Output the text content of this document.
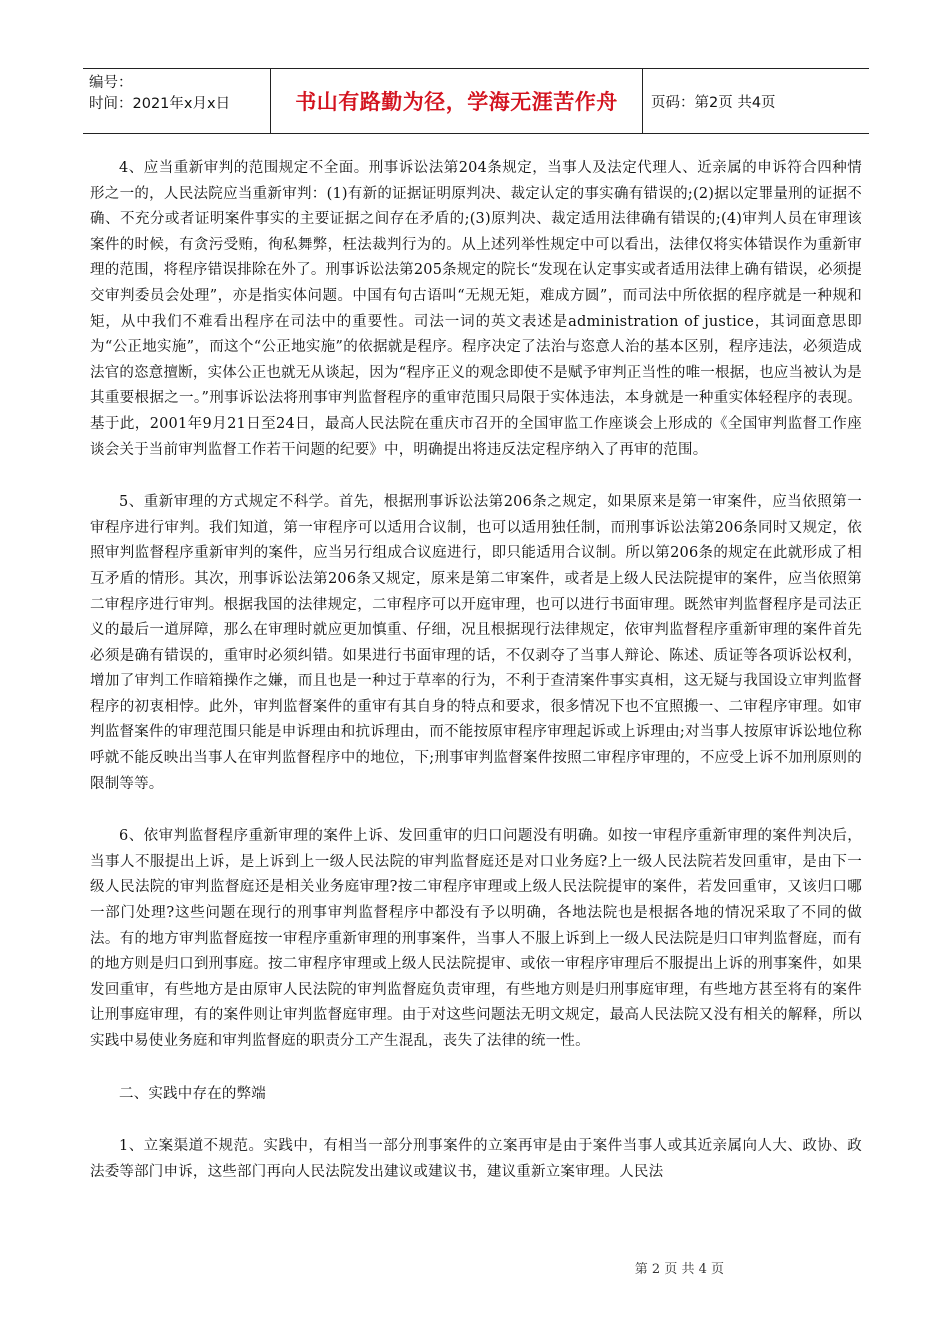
编号：
时间：2021年x月x日	书山有路勤为径，学海无涯苦作舟	页码：第2页 共4页

4、应当重新审判的范围规定不全面。刑事诉讼法第204条规定，当事人及法定代理人、近亲属的申诉符合四种情形之一的，人民法院应当重新审判：(1)有新的证据证明原判决、裁定认定的事实确有错误的;(2)据以定罪量刑的证据不确、不充分或者证明案件事实的主要证据之间存在矛盾的;(3)原判决、裁定适用法律确有错误的;(4)审判人员在审理该案件的时候，有贪污受贿，徇私舞弊，枉法裁判行为的。从上述列举性规定中可以看出，法律仅将实体错误作为重新审理的范围，将程序错误排除在外了。刑事诉讼法第205条规定的院长“发现在认定事实或者适用法律上确有错误，必须提交审判委员会处理”，亦是指实体问题。中国有句古语叫“无规无矩，难成方圆”，而司法中所依据的程序就是一种规和矩，从中我们不难看出程序在司法中的重要性。司法一词的英文表述是administration of justice，其词面意思即为“公正地实施”，而这个“公正地实施”的依据就是程序。程序决定了法治与恣意人治的基本区别，程序违法，必须造成法官的恣意擅断，实体公正也就无从谈起，因为“程序正义的观念即使不是赋予审判正当性的唯一根据，也应当被认为是其重要根据之一。”刑事诉讼法将刑事审判监督程序的重审范围只局限于实体违法，本身就是一种重实体轻程序的表现。基于此，2001年9月21日至24日，最高人民法院在重庆市召开的全国审监工作座谈会上形成的《全国审判监督工作座谈会关于当前审判监督工作若干问题的纪要》中，明确提出将违反法定程序纳入了再审的范围。

5、重新审理的方式规定不科学。首先，根据刑事诉讼法第206条之规定，如果原来是第一审案件，应当依照第一审程序进行审判。我们知道，第一审程序可以适用合议制，也可以适用独任制，而刑事诉讼法第206条同时又规定，依照审判监督程序重新审判的案件，应当另行组成合议庭进行，即只能适用合议制。所以第206条的规定在此就形成了相互矛盾的情形。其次，刑事诉讼法第206条又规定，原来是第二审案件，或者是上级人民法院提审的案件，应当依照第二审程序进行审判。根据我国的法律规定，二审程序可以开庭审理，也可以进行书面审理。既然审判监督程序是司法正义的最后一道屏障，那么在审理时就应更加慎重、仔细，况且根据现行法律规定，依审判监督程序重新审理的案件首先必须是确有错误的，重审时必须纠错。如果进行书面审理的话，不仅剥夺了当事人辩论、陈述、质证等各项诉讼权利，增加了审判工作暗箱操作之嫌，而且也是一种过于草率的行为，不利于查清案件事实真相，这无疑与我国设立审判监督程序的初衷相悖。此外，审判监督案件的重审有其自身的特点和要求，很多情况下也不宜照搬一、二审程序审理。如审判监督案件的审理范围只能是申诉理由和抗诉理由，而不能按原审程序审理起诉或上诉理由;对当事人按原审诉讼地位称呼就不能反映出当事人在审判监督程序中的地位，下;刑事审判监督案件按照二审程序审理的，不应受上诉不加刑原则的限制等等。

6、依审判监督程序重新审理的案件上诉、发回重审的归口问题没有明确。如按一审程序重新审理的案件判决后，当事人不服提出上诉，是上诉到上一级人民法院的审判监督庭还是对口业务庭?上一级人民法院若发回重审，是由下一级人民法院的审判监督庭还是相关业务庭审理?按二审程序审理或上级人民法院提审的案件，若发回重审，又该归口哪一部门处理?这些问题在现行的刑事审判监督程序中都没有予以明确，各地法院也是根据各地的情况采取了不同的做法。有的地方审判监督庭按一审程序重新审理的刑事案件，当事人不服上诉到上一级人民法院是归口审判监督庭，而有的地方则是归口到刑事庭。按二审程序审理或上级人民法院提审、或依一审程序审理后不服提出上诉的刑事案件，如果发回重审，有些地方是由原审人民法院的审判监督庭负责审理，有些地方则是归刑事庭审理，有些地方甚至将有的案件让刑事庭审理，有的案件则让审判监督庭审理。由于对这些问题法无明文规定，最高人民法院又没有相关的解释，所以实践中易使业务庭和审判监督庭的职责分工产生混乱，丧失了法律的统一性。

二、实践中存在的弊端

1、立案渠道不规范。实践中，有相当一部分刑事案件的立案再审是由于案件当事人或其近亲属向人大、政协、政法委等部门申诉，这些部门再向人民法院发出建议或建议书，建议重新立案审理。人民法

第 2 页 共 4 页
